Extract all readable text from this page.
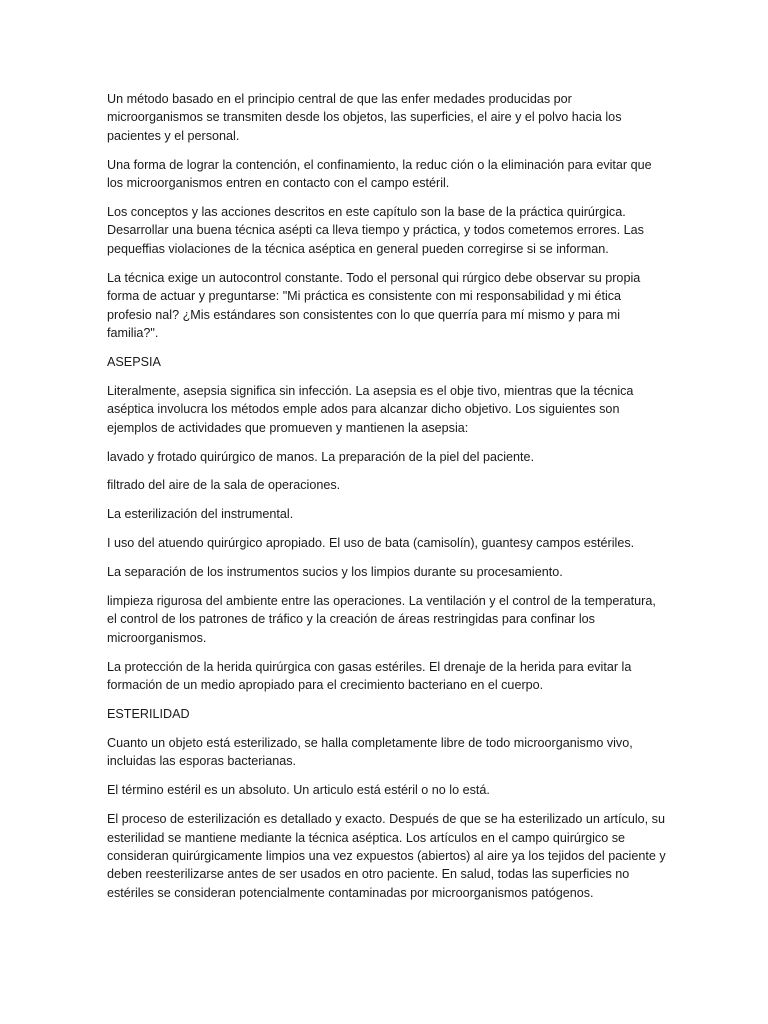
Un método basado en el principio central de que las enfer medades producidas por microorganismos se transmiten desde los objetos, las superficies, el aire y el polvo hacia los pacientes y el personal.

Una forma de lograr la contención, el confinamiento, la reduc ción o la eliminación para evitar que los microorganismos entren en contacto con el campo estéril.

Los conceptos y las acciones descritos en este capítulo son la base de la práctica quirúrgica. Desarrollar una buena técnica asépti ca lleva tiempo y práctica, y todos cometemos errores. Las pequeffias violaciones de la técnica aséptica en general pueden corregirse si se informan.

La técnica exige un autocontrol constante. Todo el personal qui rúrgico debe observar su propia forma de actuar y preguntarse: "Mi práctica es consistente con mi responsabilidad y mi ética profesio nal? ¿Mis estándares son consistentes con lo que querría para mí mismo y para mi familia?".

ASEPSIA

Literalmente, asepsia significa sin infección. La asepsia es el obje tivo, mientras que la técnica aséptica involucra los métodos emple ados para alcanzar dicho objetivo. Los siguientes son ejemplos de actividades que promueven y mantienen la asepsia:

lavado y frotado quirúrgico de manos. La preparación de la piel del paciente.

filtrado del aire de la sala de operaciones.

La esterilización del instrumental.

I uso del atuendo quirúrgico apropiado. El uso de bata (camisolín), guantesy campos estériles.

La separación de los instrumentos sucios y los limpios durante su procesamiento.

limpieza rigurosa del ambiente entre las operaciones. La ventilación y el control de la temperatura, el control de los patrones de tráfico y la creación de áreas restringidas para confinar los microorganismos.

La protección de la herida quirúrgica con gasas estériles. El drenaje de la herida para evitar la formación de un medio apropiado para el crecimiento bacteriano en el cuerpo.

ESTERILIDAD

Cuanto un objeto está esterilizado, se halla completamente libre de todo microorganismo vivo, incluidas las esporas bacterianas.

El término estéril es un absoluto. Un articulo está estéril o no lo está.

El proceso de esterilización es detallado y exacto. Después de que se ha esterilizado un artículo, su esterilidad se mantiene mediante la técnica aséptica. Los artículos en el campo quirúrgico se consideran quirúrgicamente limpios una vez expuestos (abiertos) al aire ya los tejidos del paciente y deben reesterilizarse antes de ser usados en otro paciente. En salud, todas las superficies no estériles se consideran potencialmente contaminadas por microorganismos patógenos.
